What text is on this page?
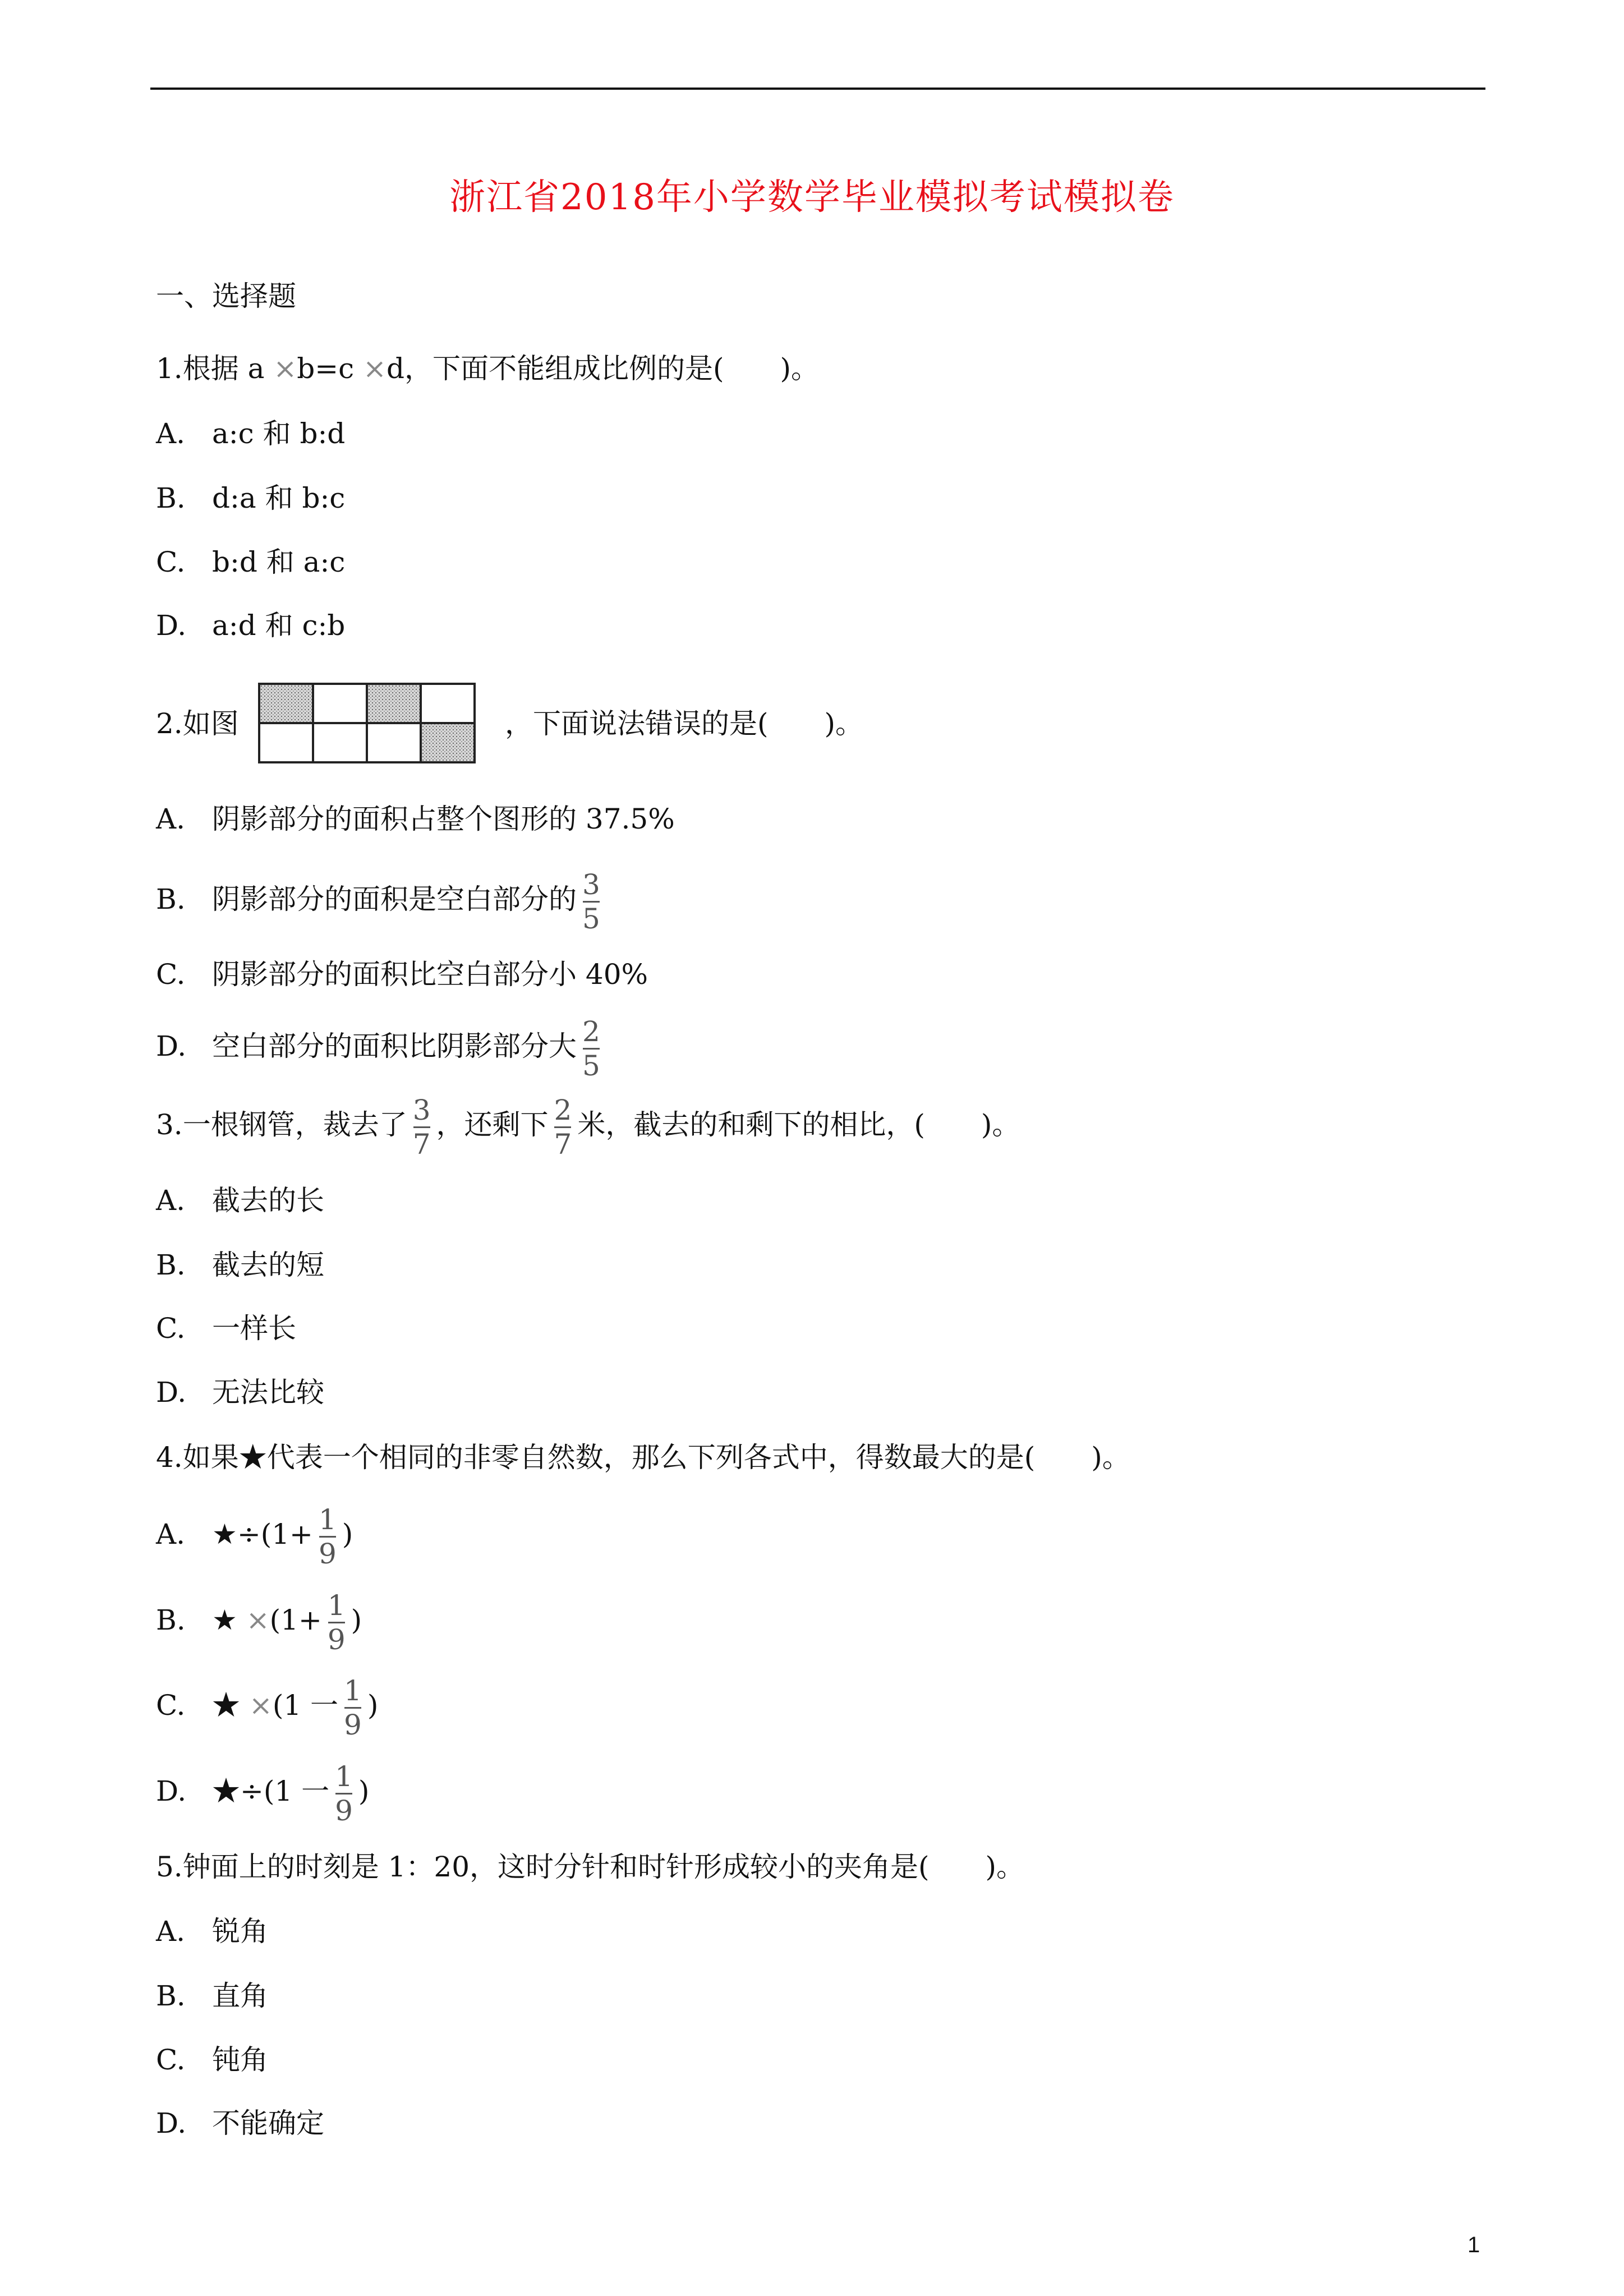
浙江省2018年小学数学毕业模拟考试模拟卷
一、选择题
1.根据 a ×b=c ×d，下面不能组成比例的是(　　)。
A. a:c 和 b:d
B. d:a 和 b:c
C. b:d 和 a:c
D. a:d 和 c:b
2.如图	，下面说法错误的是(　　)。
A. 阴影部分的面积占整个图形的 37.5%
B. 阴影部分的面积是空白部分的 $\frac{3}{5}$
C. 阴影部分的面积比空白部分小 40%
D. 空白部分的面积比阴影部分大 $\frac{2}{5}$
3.一根钢管，裁去了 $\frac{3}{7}$ ，还剩下 $\frac{2}{7}$ 米，截去的和剩下的相比，(　　)。
A. 截去的长
B. 截去的短
C. 一样长
D. 无法比较
4.如果★代表一个相同的非零自然数，那么下列各式中，得数最大的是(　　)。
A. ★÷(1+ $\frac{1}{9}$ )
B. ★ $\times(1+ \frac{1}{9}$ )
C. ★ ×(1 一 $\frac{1}{9}$ )
D. ★÷(1 一 $\frac{1}{9}$ )
5.钟面上的时刻是 1：20，这时分针和时针形成较小的夹角是(　　)。
A. 锐角
B. 直角
C. 钝角
D. 不能确定
1
